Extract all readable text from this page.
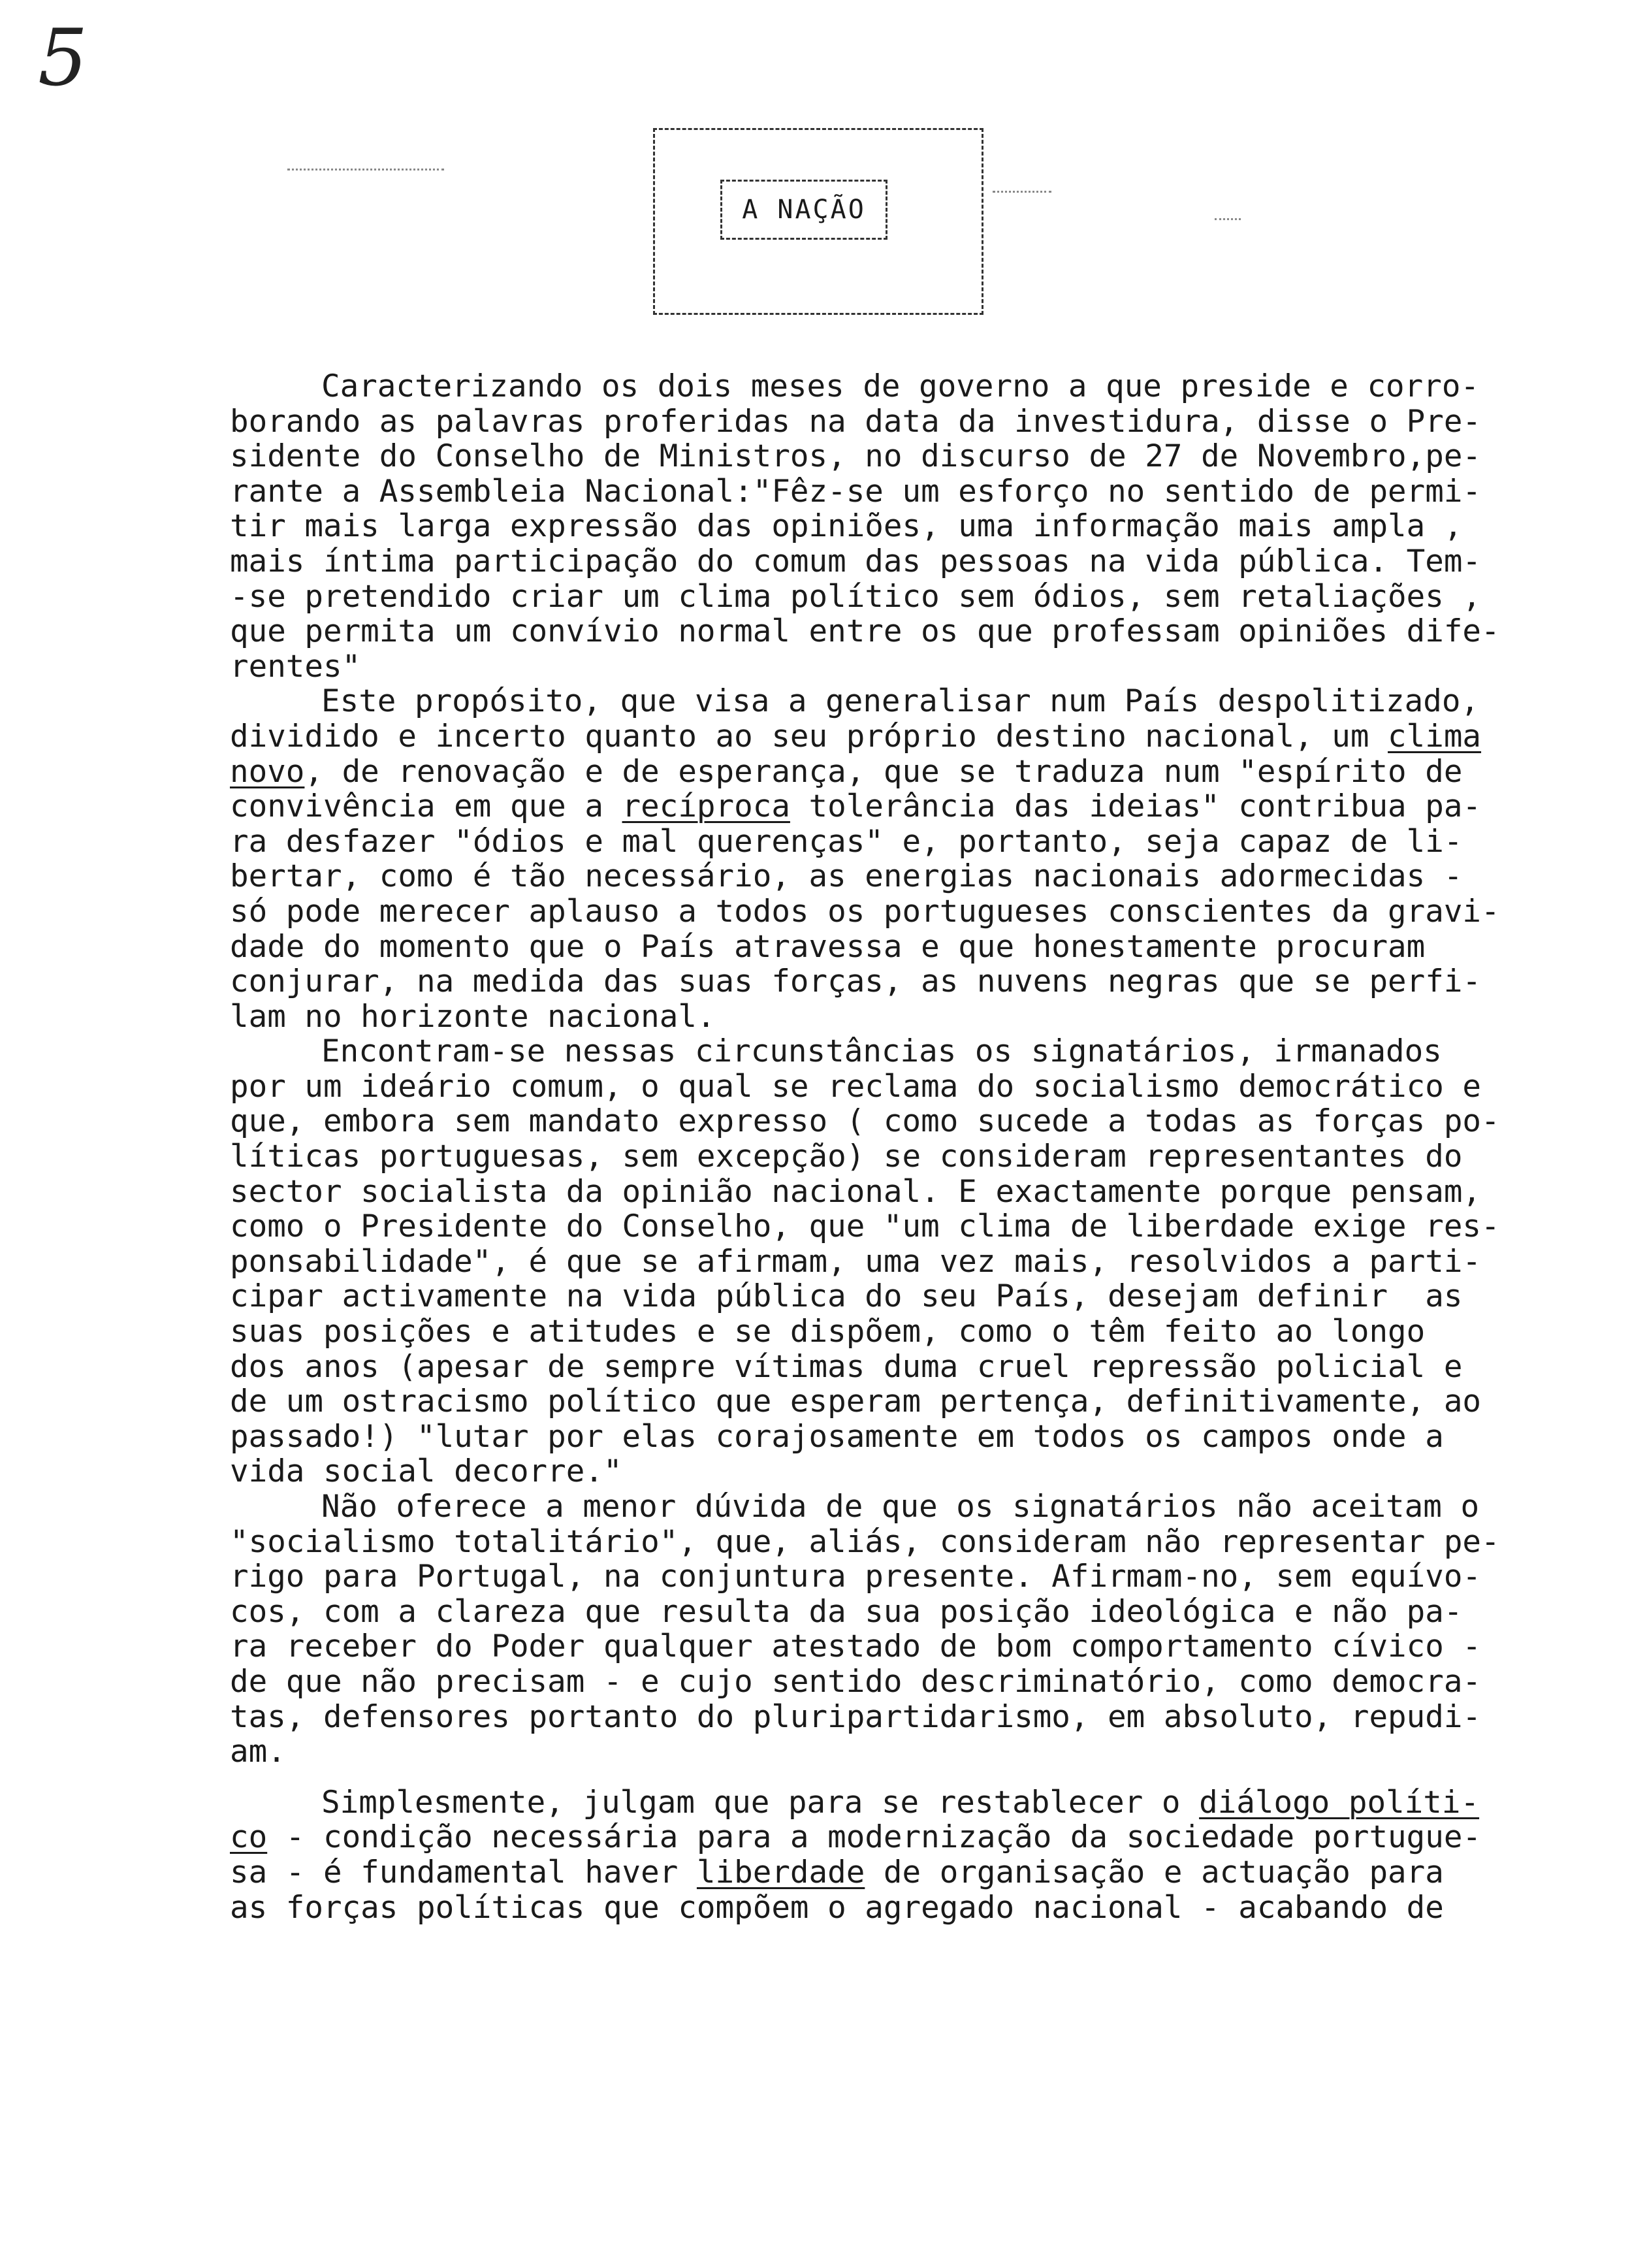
5
A NAÇÃO
Caracterizando os dois meses de governo a que preside e corro-
borando as palavras proferidas na data da investidura, disse o Pre-
sidente do Conselho de Ministros, no discurso de 27 de Novembro,pe-
rante a Assembleia Nacional:"Fêz-se um esforço no sentido de permi-
tir mais larga expressão das opiniões, uma informação mais ampla ,
mais íntima participação do comum das pessoas na vida pública. Tem-
-se pretendido criar um clima político sem ódios, sem retaliações ,
que permita um convívio normal entre os que professam opiniões dife-
rentes"
Este propósito, que visa a generalisar num País despolitizado,
dividido e incerto quanto ao seu próprio destino nacional, um clima
novo, de renovação e de esperança, que se traduza num "espírito de
convivência em que a recíproca tolerância das ideias" contribua pa-
ra desfazer "ódios e mal querenças" e, portanto, seja capaz de li-
bertar, como é tão necessário, as energias nacionais adormecidas -
só pode merecer aplauso a todos os portugueses conscientes da gravi-
dade do momento que o País atravessa e que honestamente procuram
conjurar, na medida das suas forças, as nuvens negras que se perfi-
lam no horizonte nacional.
Encontram-se nessas circunstâncias os signatários, irmanados
por um ideário comum, o qual se reclama do socialismo democrático e
que, embora sem mandato expresso ( como sucede a todas as forças po-
líticas portuguesas, sem excepção) se consideram representantes do
sector socialista da opinião nacional. E exactamente porque pensam,
como o Presidente do Conselho, que "um clima de liberdade exige res-
ponsabilidade", é que se afirmam, uma vez mais, resolvidos a parti-
cipar activamente na vida pública do seu País, desejam definir  as
suas posições e atitudes e se dispõem, como o têm feito ao longo
dos anos (apesar de sempre vítimas duma cruel repressão policial e
de um ostracismo político que esperam pertença, definitivamente, ao
passado!) "lutar por elas corajosamente em todos os campos onde a
vida social decorre."
Não oferece a menor dúvida de que os signatários não aceitam o
"socialismo totalitário", que, aliás, consideram não representar pe-
rigo para Portugal, na conjuntura presente. Afirmam-no, sem equívo-
cos, com a clareza que resulta da sua posição ideológica e não pa-
ra receber do Poder qualquer atestado de bom comportamento cívico -
de que não precisam - e cujo sentido descriminatório, como democra-
tas, defensores portanto do pluripartidarismo, em absoluto, repudi-
am.
Simplesmente, julgam que para se restablecer o diálogo políti-
co - condição necessária para a modernização da sociedade portugue-
sa - é fundamental haver liberdade de organisação e actuação para
as forças políticas que compõem o agregado nacional - acabando de
